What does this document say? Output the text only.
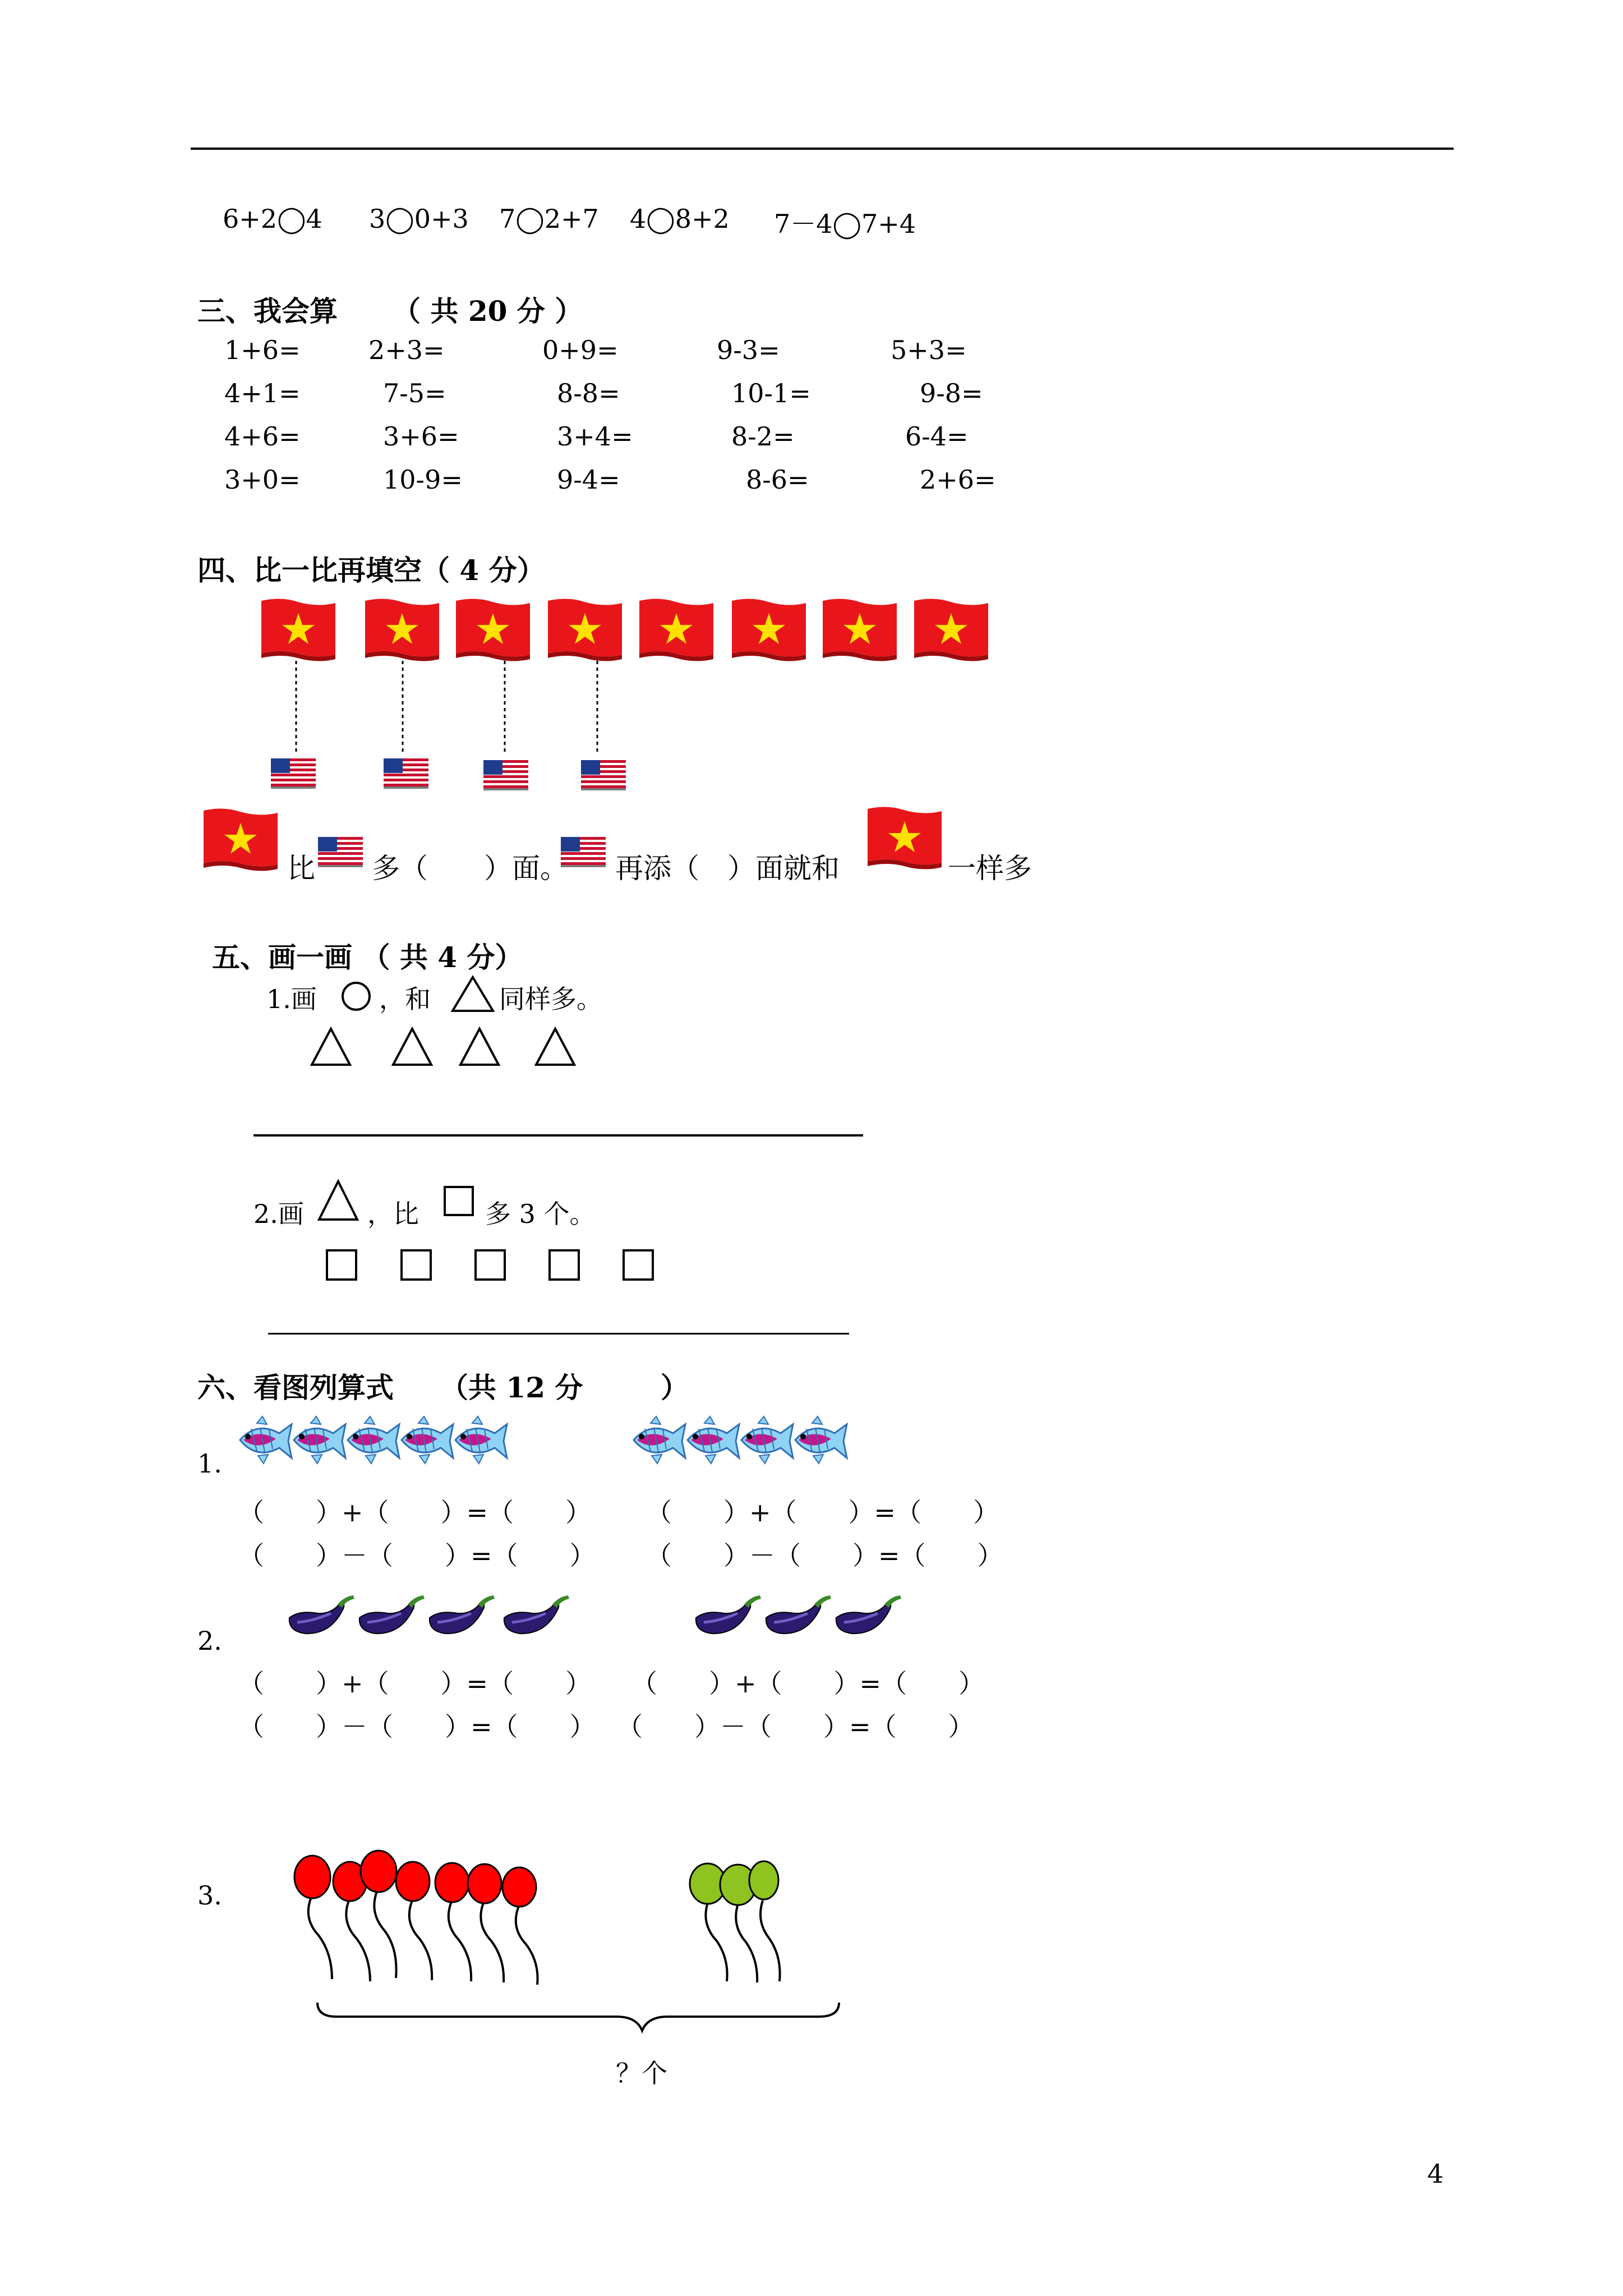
6+2◯4 3◯0+3 7◯2+7 4◯8+2 7－4◯7+4
三、我会算 （ 共 20 分 ）
1+6=	2+3=	0+9=	9-3=	5+3=
4+1=	7-5=	8-8=	10-1=	9-8=
4+6=	3+6=	3+4=	8-2=	6-4=
3+0=	10-9=	9-4=	8-6=	2+6=
四、比一比再填空（ 4 分）
比 多（　　）面。 再添（　）面就和	一样多
五、画一画 （ 共 4 分）
1.画 ，和	同样多。
2.画 ，比	多 3 个。
六、看图列算式 （共 12 分	）
1.
（　　）+（　　）=（　　） （　　）+（　　）=（　　）
（　　）－（　　）=（　　） （　　）－（　　）=（　　）
2.
（　　）+（　　）=（　　） （　　）+（　　）=（　　）
（　　）－（　　）=（　　） （　　）－（　　）=（　　）
3.
？个
4
